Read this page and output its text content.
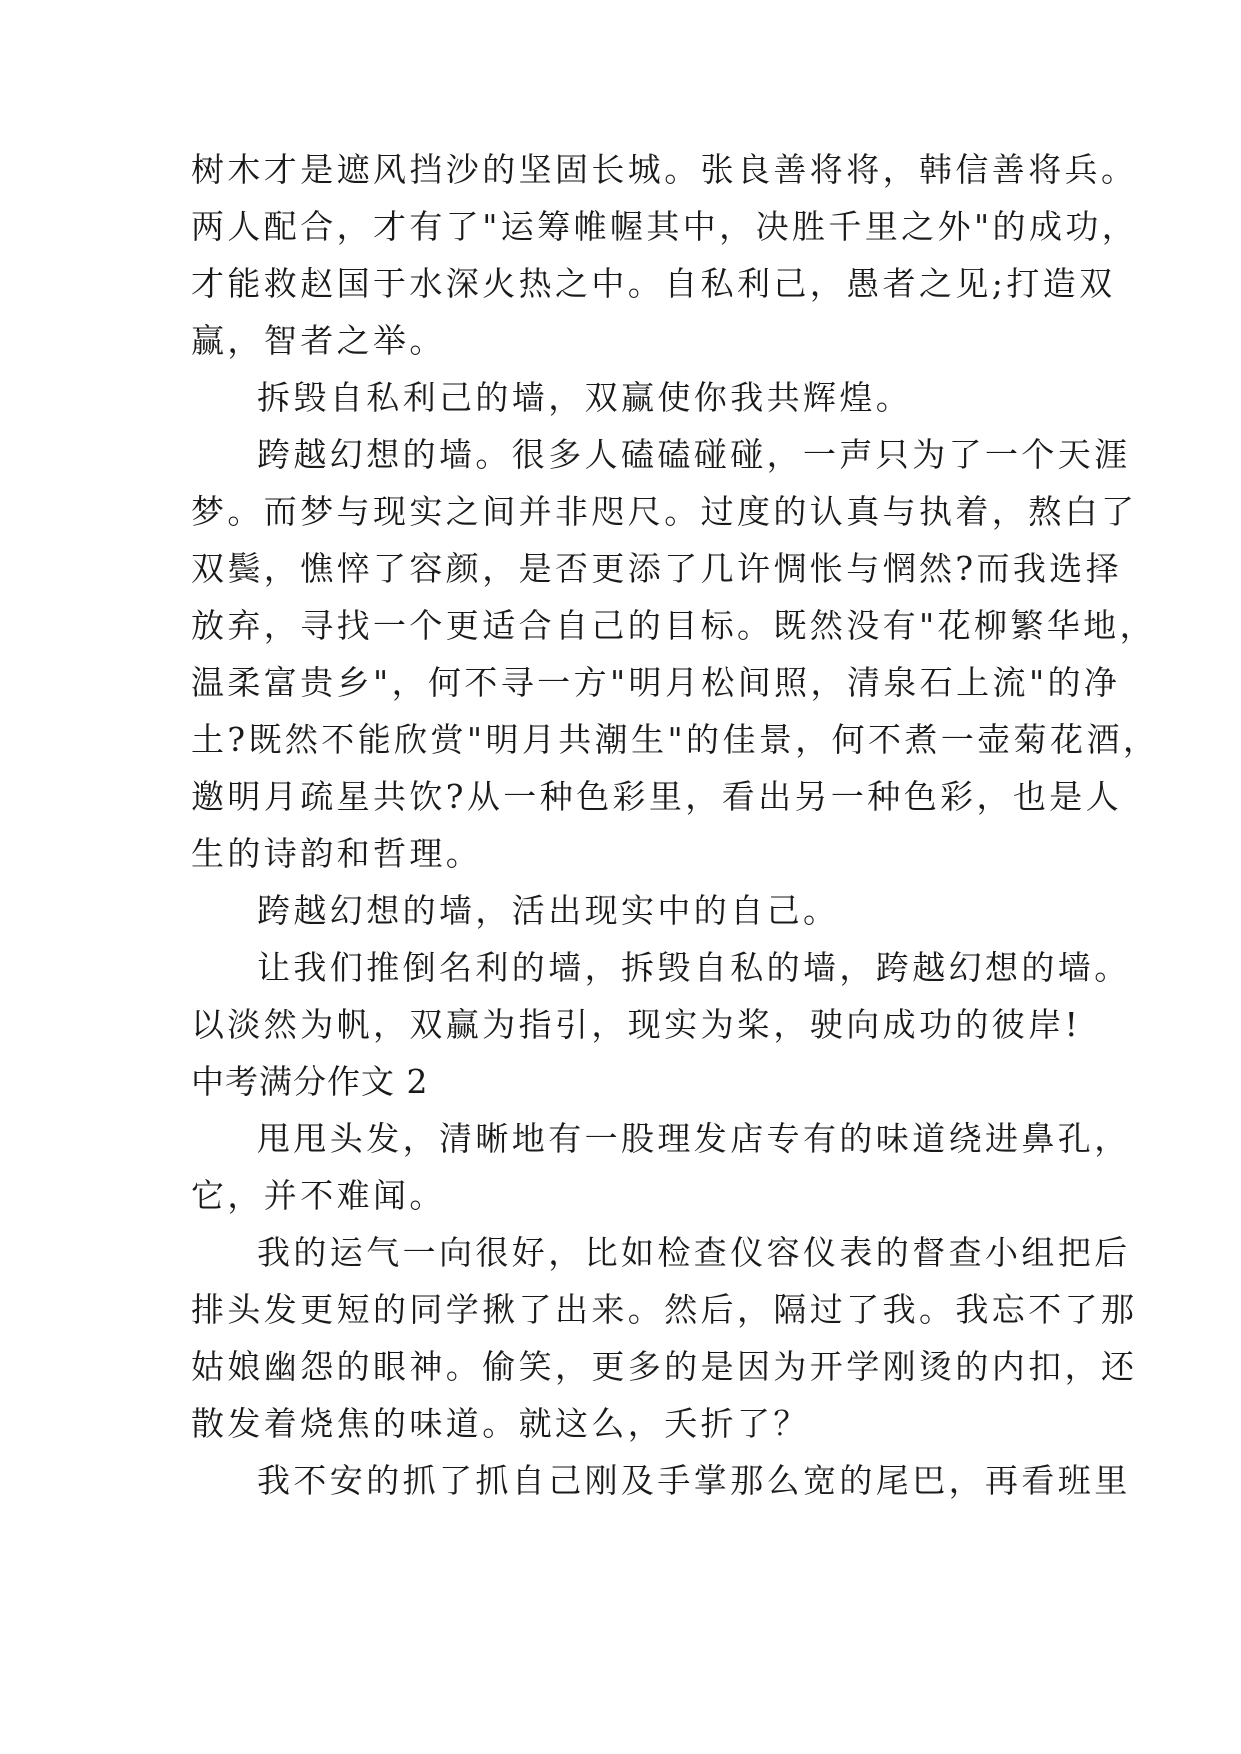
树木才是遮风挡沙的坚固长城。张良善将将，韩信善将兵。
两人配合，才有了"运筹帷幄其中，决胜千里之外"的成功，
才能救赵国于水深火热之中。自私利己，愚者之见;打造双
赢，智者之举。
拆毁自私利己的墙，双赢使你我共辉煌。
跨越幻想的墙。很多人磕磕碰碰，一声只为了一个天涯
梦。而梦与现实之间并非咫尺。过度的认真与执着，熬白了
双鬓，憔悴了容颜，是否更添了几许惆怅与惘然?而我选择
放弃，寻找一个更适合自己的目标。既然没有"花柳繁华地，
温柔富贵乡"，何不寻一方"明月松间照，清泉石上流"的净
土?既然不能欣赏"明月共潮生"的佳景，何不煮一壶菊花酒，
邀明月疏星共饮?从一种色彩里，看出另一种色彩，也是人
生的诗韵和哲理。
跨越幻想的墙，活出现实中的自己。
让我们推倒名利的墙，拆毁自私的墙，跨越幻想的墙。
以淡然为帆，双赢为指引，现实为桨，驶向成功的彼岸!
中考满分作文 2
甩甩头发，清晰地有一股理发店专有的味道绕进鼻孔，
它，并不难闻。
我的运气一向很好，比如检查仪容仪表的督查小组把后
排头发更短的同学揪了出来。然后，隔过了我。我忘不了那
姑娘幽怨的眼神。偷笑，更多的是因为开学刚烫的内扣，还
散发着烧焦的味道。就这么，夭折了？
我不安的抓了抓自己刚及手掌那么宽的尾巴，再看班里
